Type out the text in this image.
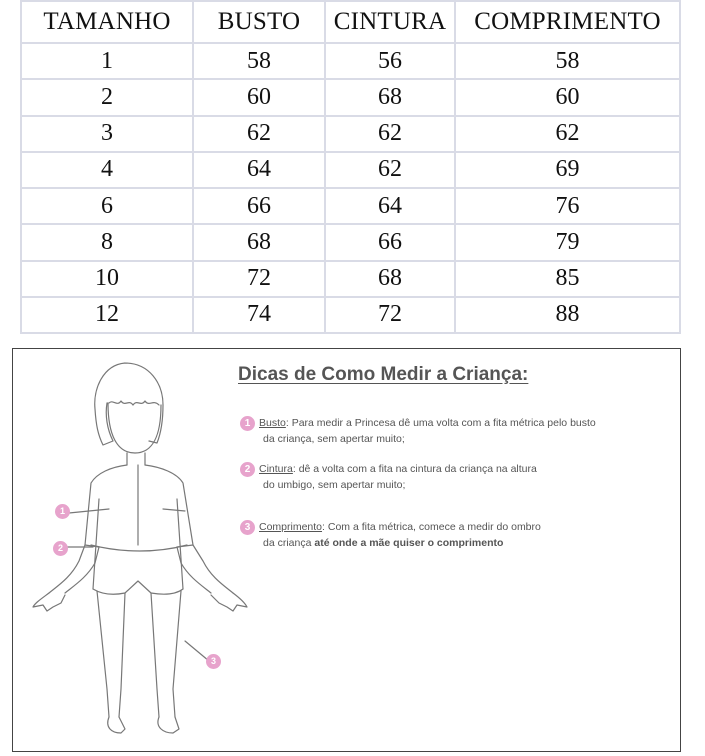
TAMANHO	BUSTO	CINTURA	COMPRIMENTO
1	58	56	58
2	60	68	60
3	62	62	62
4	64	62	69
6	66	64	76
8	68	66	79
10	72	68	85
12	74	72	88
1
2
3
Dicas de Como Medir a Criança:
1 Busto: Para medir a Princesa dê uma volta com a fita métrica pelo busto
da criança, sem apertar muito;
2 Cintura: dê a volta com a fita na cintura da criança na altura
do umbigo, sem apertar muito;
3 Comprimento: Com a fita métrica, comece a medir do ombro
da criança até onde a mãe quiser o comprimento
